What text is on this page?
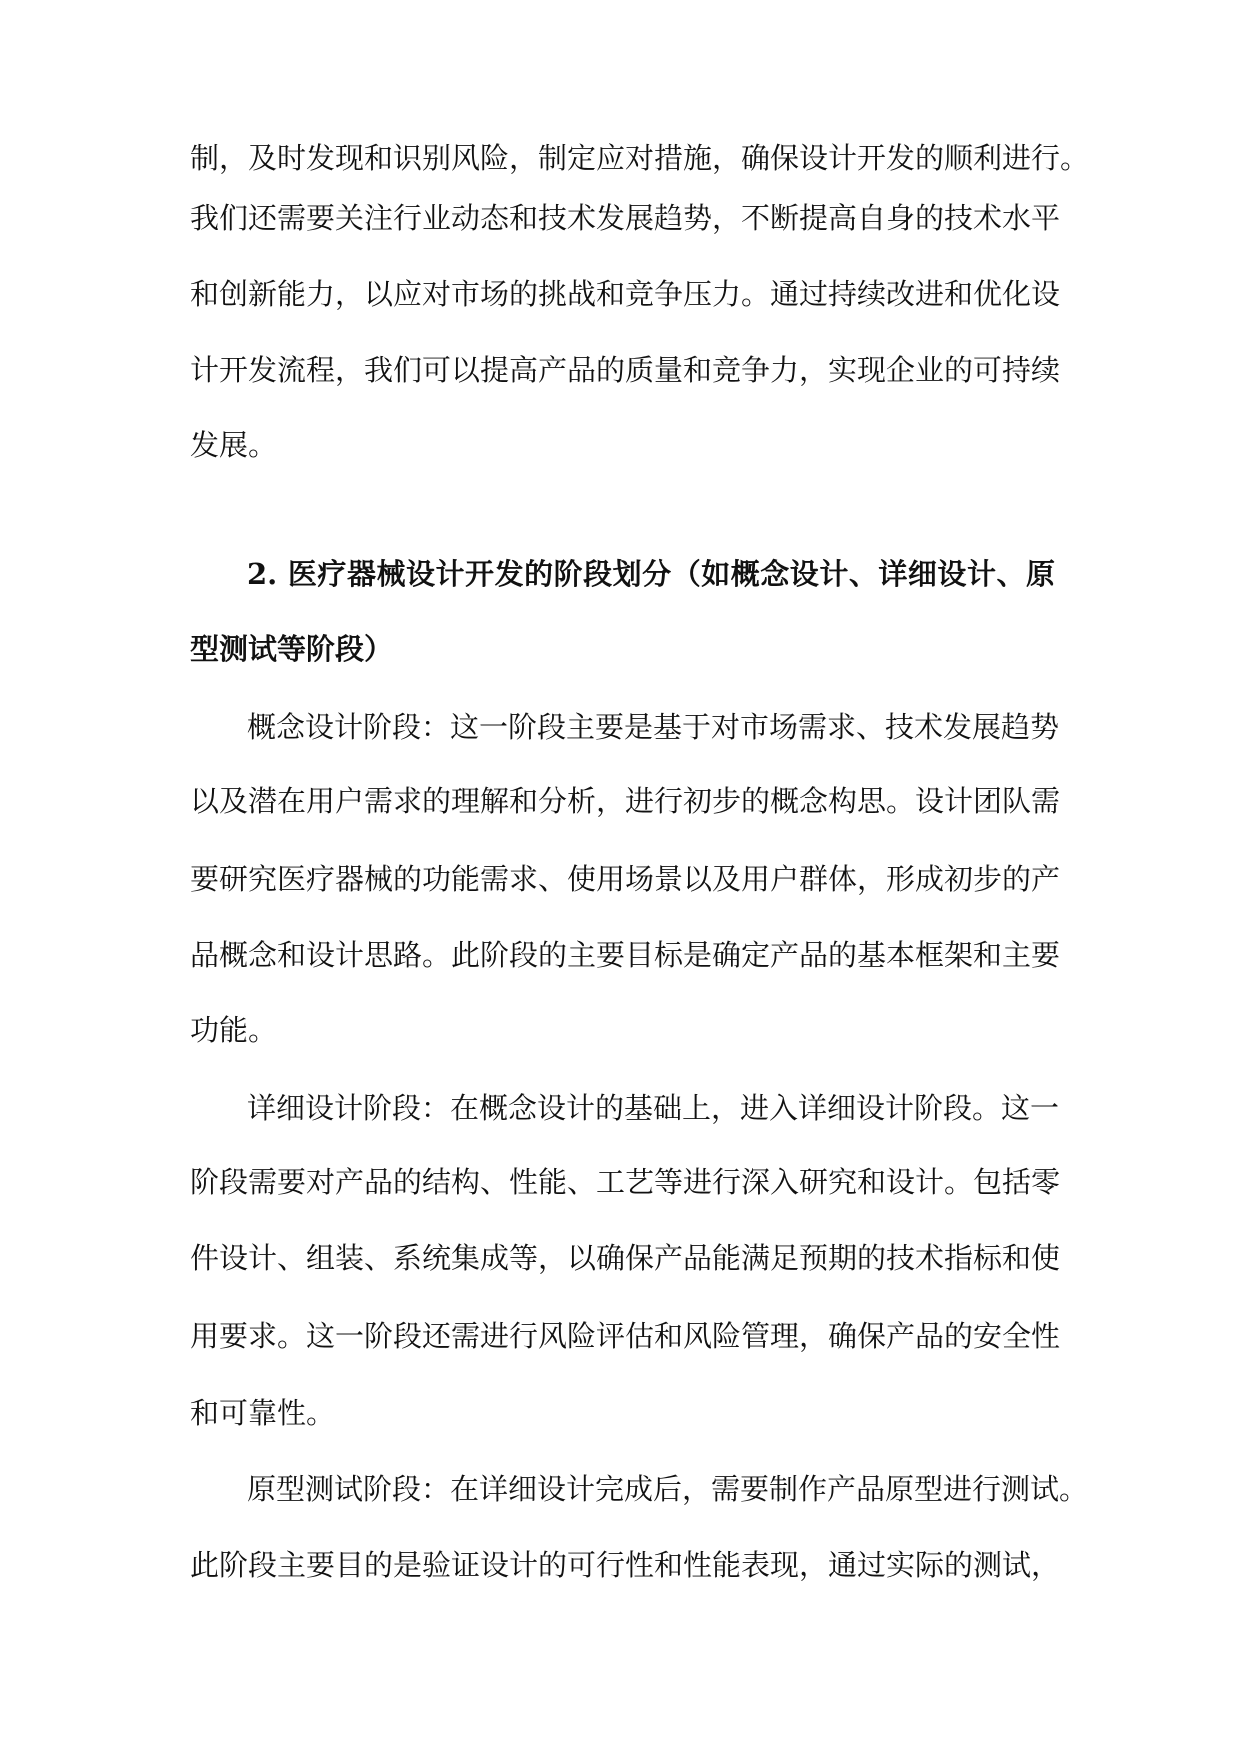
制，及时发现和识别风险，制定应对措施，确保设计开发的顺利进行。
我们还需要关注行业动态和技术发展趋势，不断提高自身的技术水平
和创新能力，以应对市场的挑战和竞争压力。通过持续改进和优化设
计开发流程，我们可以提高产品的质量和竞争力，实现企业的可持续
发展。
2. 医疗器械设计开发的阶段划分（如概念设计、详细设计、原
型测试等阶段）
概念设计阶段：这一阶段主要是基于对市场需求、技术发展趋势
以及潜在用户需求的理解和分析，进行初步的概念构思。设计团队需
要研究医疗器械的功能需求、使用场景以及用户群体，形成初步的产
品概念和设计思路。此阶段的主要目标是确定产品的基本框架和主要
功能。
详细设计阶段：在概念设计的基础上，进入详细设计阶段。这一
阶段需要对产品的结构、性能、工艺等进行深入研究和设计。包括零
件设计、组装、系统集成等，以确保产品能满足预期的技术指标和使
用要求。这一阶段还需进行风险评估和风险管理，确保产品的安全性
和可靠性。
原型测试阶段：在详细设计完成后，需要制作产品原型进行测试。
此阶段主要目的是验证设计的可行性和性能表现，通过实际的测试，
